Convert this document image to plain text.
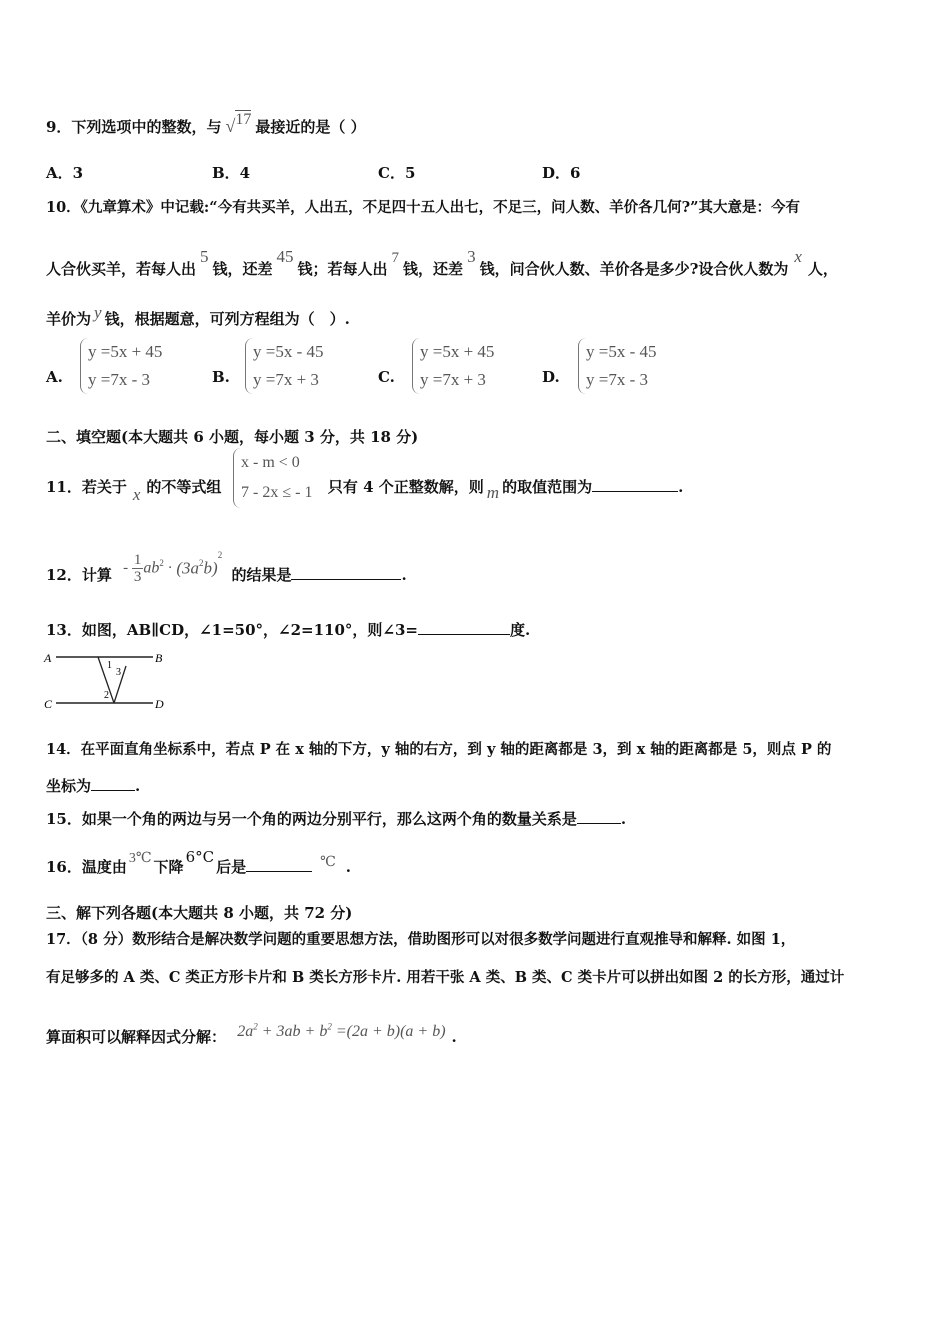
9．下列选项中的整数，与 √17 最接近的是（ ）
A．3	B．4	C．5	D．6
10．《九章算术》中记载:“今有共买羊，人出五，不足四十五人出七，不足三，问人数、羊价各几何?”其大意是：今有
人合伙买羊，若每人出5钱，还差45钱；若每人出7钱，还差3钱，问合伙人数、羊价各是多少?设合伙人数为x人，
羊价为 y 钱，根据题意，可列方程组为（　）.
A.
y =5x + 45
y =7x - 3	B.
y =5x - 45
y =7x + 3	C.
y =5x + 45
y =7x + 3	D.
y =5x - 45
y =7x - 3
二、填空题(本大题共 6 小题，每小题 3 分，共 18 分)
11．若关于 x 的不等式组	只有 4 个正整数解，则 m 的取值范围为	.
x - m < 0
7 - 2x ≤ - 1
12．计算 - $\frac{1}{3}ab^2 \cdot (3a^2b)^2$ 的结果是	.
13．如图，AB∥CD，∠1=50°，∠2=110°，则∠3=	度.
A	B
C	D
1
3
2
14．在平面直角坐标系中，若点 P 在 x 轴的下方，y 轴的右方，到 y 轴的距离都是 3，到 x 轴的距离都是 5，则点 P 的
坐标为	.
15．如果一个角的两边与另一个角的两边分别平行，那么这两个角的数量关系是	.
16．温度由 3℃ 下降6°C后是	℃ .
三、解下列各题(本大题共 8 小题，共 72 分)
17．（8 分）数形结合是解决数学问题的重要思想方法，借助图形可以对很多数学问题进行直观推导和解释. 如图 1，
有足够多的 A 类、C 类正方形卡片和 B 类长方形卡片. 用若干张 A 类、B 类、C 类卡片可以拼出如图 2 的长方形，通过计
算面积可以解释因式分解： $2a^2 + 3ab + b^2 =(2a + b)(a + b)$ .
